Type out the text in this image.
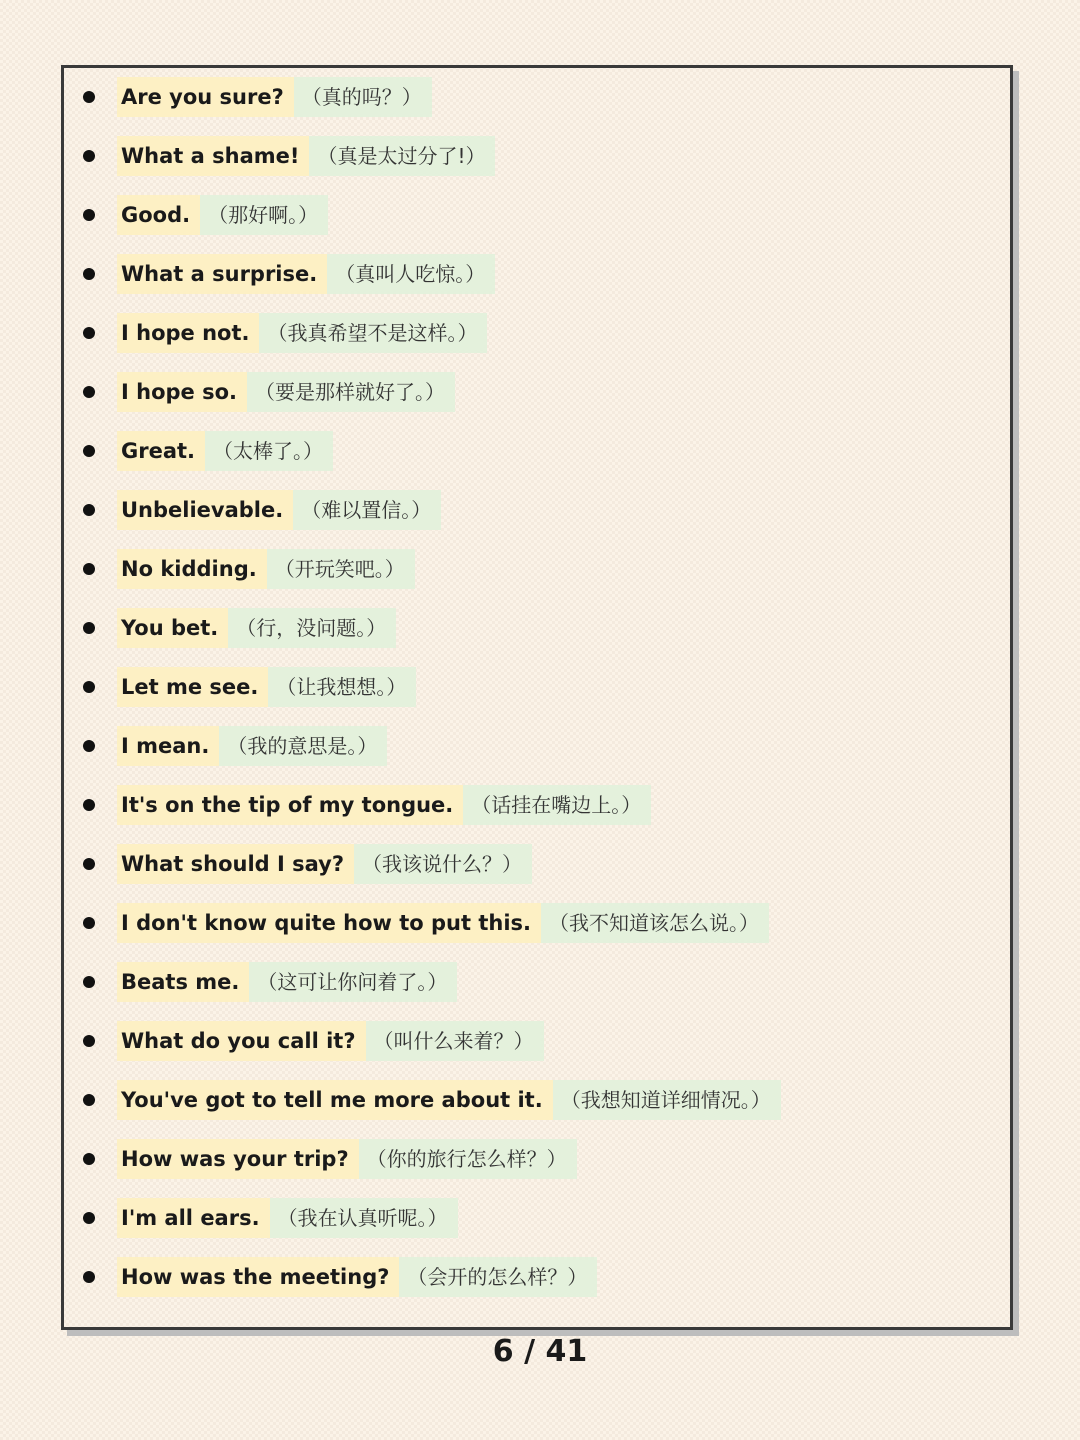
Are you sure? （真的吗？）
What a shame! （真是太过分了!）
Good. （那好啊。）
What a surprise. （真叫人吃惊。）
I hope not. （我真希望不是这样。）
I hope so. （要是那样就好了。）
Great. （太棒了。）
Unbelievable. （难以置信。）
No kidding. （开玩笑吧。）
You bet. （行，没问题。）
Let me see. （让我想想。）
I mean. （我的意思是。）
It's on the tip of my tongue. （话挂在嘴边上。）
What should I say? （我该说什么？）
I don't know quite how to put this. （我不知道该怎么说。）
Beats me. （这可让你问着了。）
What do you call it? （叫什么来着？）
You've got to tell me more about it. （我想知道详细情况。）
How was your trip? （你的旅行怎么样？）
I'm all ears. （我在认真听呢。）
How was the meeting? （会开的怎么样？）
6 / 41
